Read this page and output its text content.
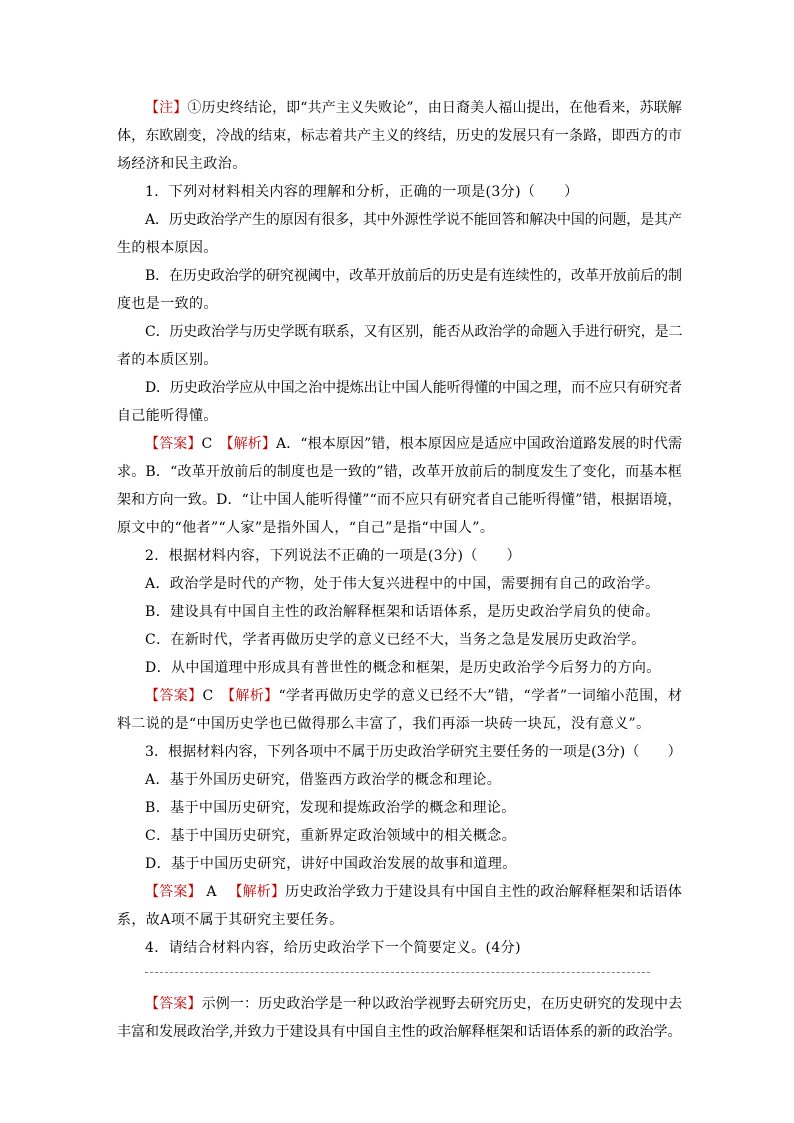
【注】①历史终结论，即“共产主义失败论”，由日裔美人福山提出，在他看来，苏联解
体，东欧剧变，冷战的结束，标志着共产主义的终结，历史的发展只有一条路，即西方的市
场经济和民主政治。
1．下列对材料相关内容的理解和分析，正确的一项是(3分)（　　）
A．历史政治学产生的原因有很多，其中外源性学说不能回答和解决中国的问题，是其产
生的根本原因。
B．在历史政治学的研究视阈中，改革开放前后的历史是有连续性的，改革开放前后的制
度也是一致的。
C．历史政治学与历史学既有联系，又有区别，能否从政治学的命题入手进行研究，是二
者的本质区别。
D．历史政治学应从中国之治中提炼出让中国人能听得懂的中国之理，而不应只有研究者
自己能听得懂。
【答案】C　 【解析】A．“根本原因”错，根本原因应是适应中国政治道路发展的时代需
求。B．“改革开放前后的制度也是一致的”错，改革开放前后的制度发生了变化，而基本框
架和方向一致。D．“让中国人能听得懂”“而不应只有研究者自己能听得懂”错，根据语境，
原文中的“他者”“人家”是指外国人，“自己”是指“中国人”。
2．根据材料内容，下列说法不正确的一项是(3分)（　　）
A．政治学是时代的产物，处于伟大复兴进程中的中国，需要拥有自己的政治学。
B．建设具有中国自主性的政治解释框架和话语体系，是历史政治学肩负的使命。
C．在新时代，学者再做历史学的意义已经不大，当务之急是发展历史政治学。
D．从中国道理中形成具有普世性的概念和框架，是历史政治学今后努力的方向。
【答案】C　 【解析】“学者再做历史学的意义已经不大”错，“学者”一词缩小范围，材
料二说的是“中国历史学也已做得那么丰富了，我们再添一块砖一块瓦，没有意义”。
3．根据材料内容，下列各项中不属于历史政治学研究主要任务的一项是(3分)（　　）
A．基于外国历史研究，借鉴西方政治学的概念和理论。
B．基于中国历史研究，发现和提炼政治学的概念和理论。
C．基于中国历史研究，重新界定政治领域中的相关概念。
D．基于中国历史研究，讲好中国政治发展的故事和道理。
【答案】 A 　【解析】历史政治学致力于建设具有中国自主性的政治解释框架和话语体
系，故A项不属于其研究主要任务。
4．请结合材料内容，给历史政治学下一个简要定义。(4分)
【答案】示例一：历史政治学是一种以政治学视野去研究历史，在历史研究的发现中去
丰富和发展政治学,并致力于建设具有中国自主性的政治解释框架和话语体系的新的政治学。
